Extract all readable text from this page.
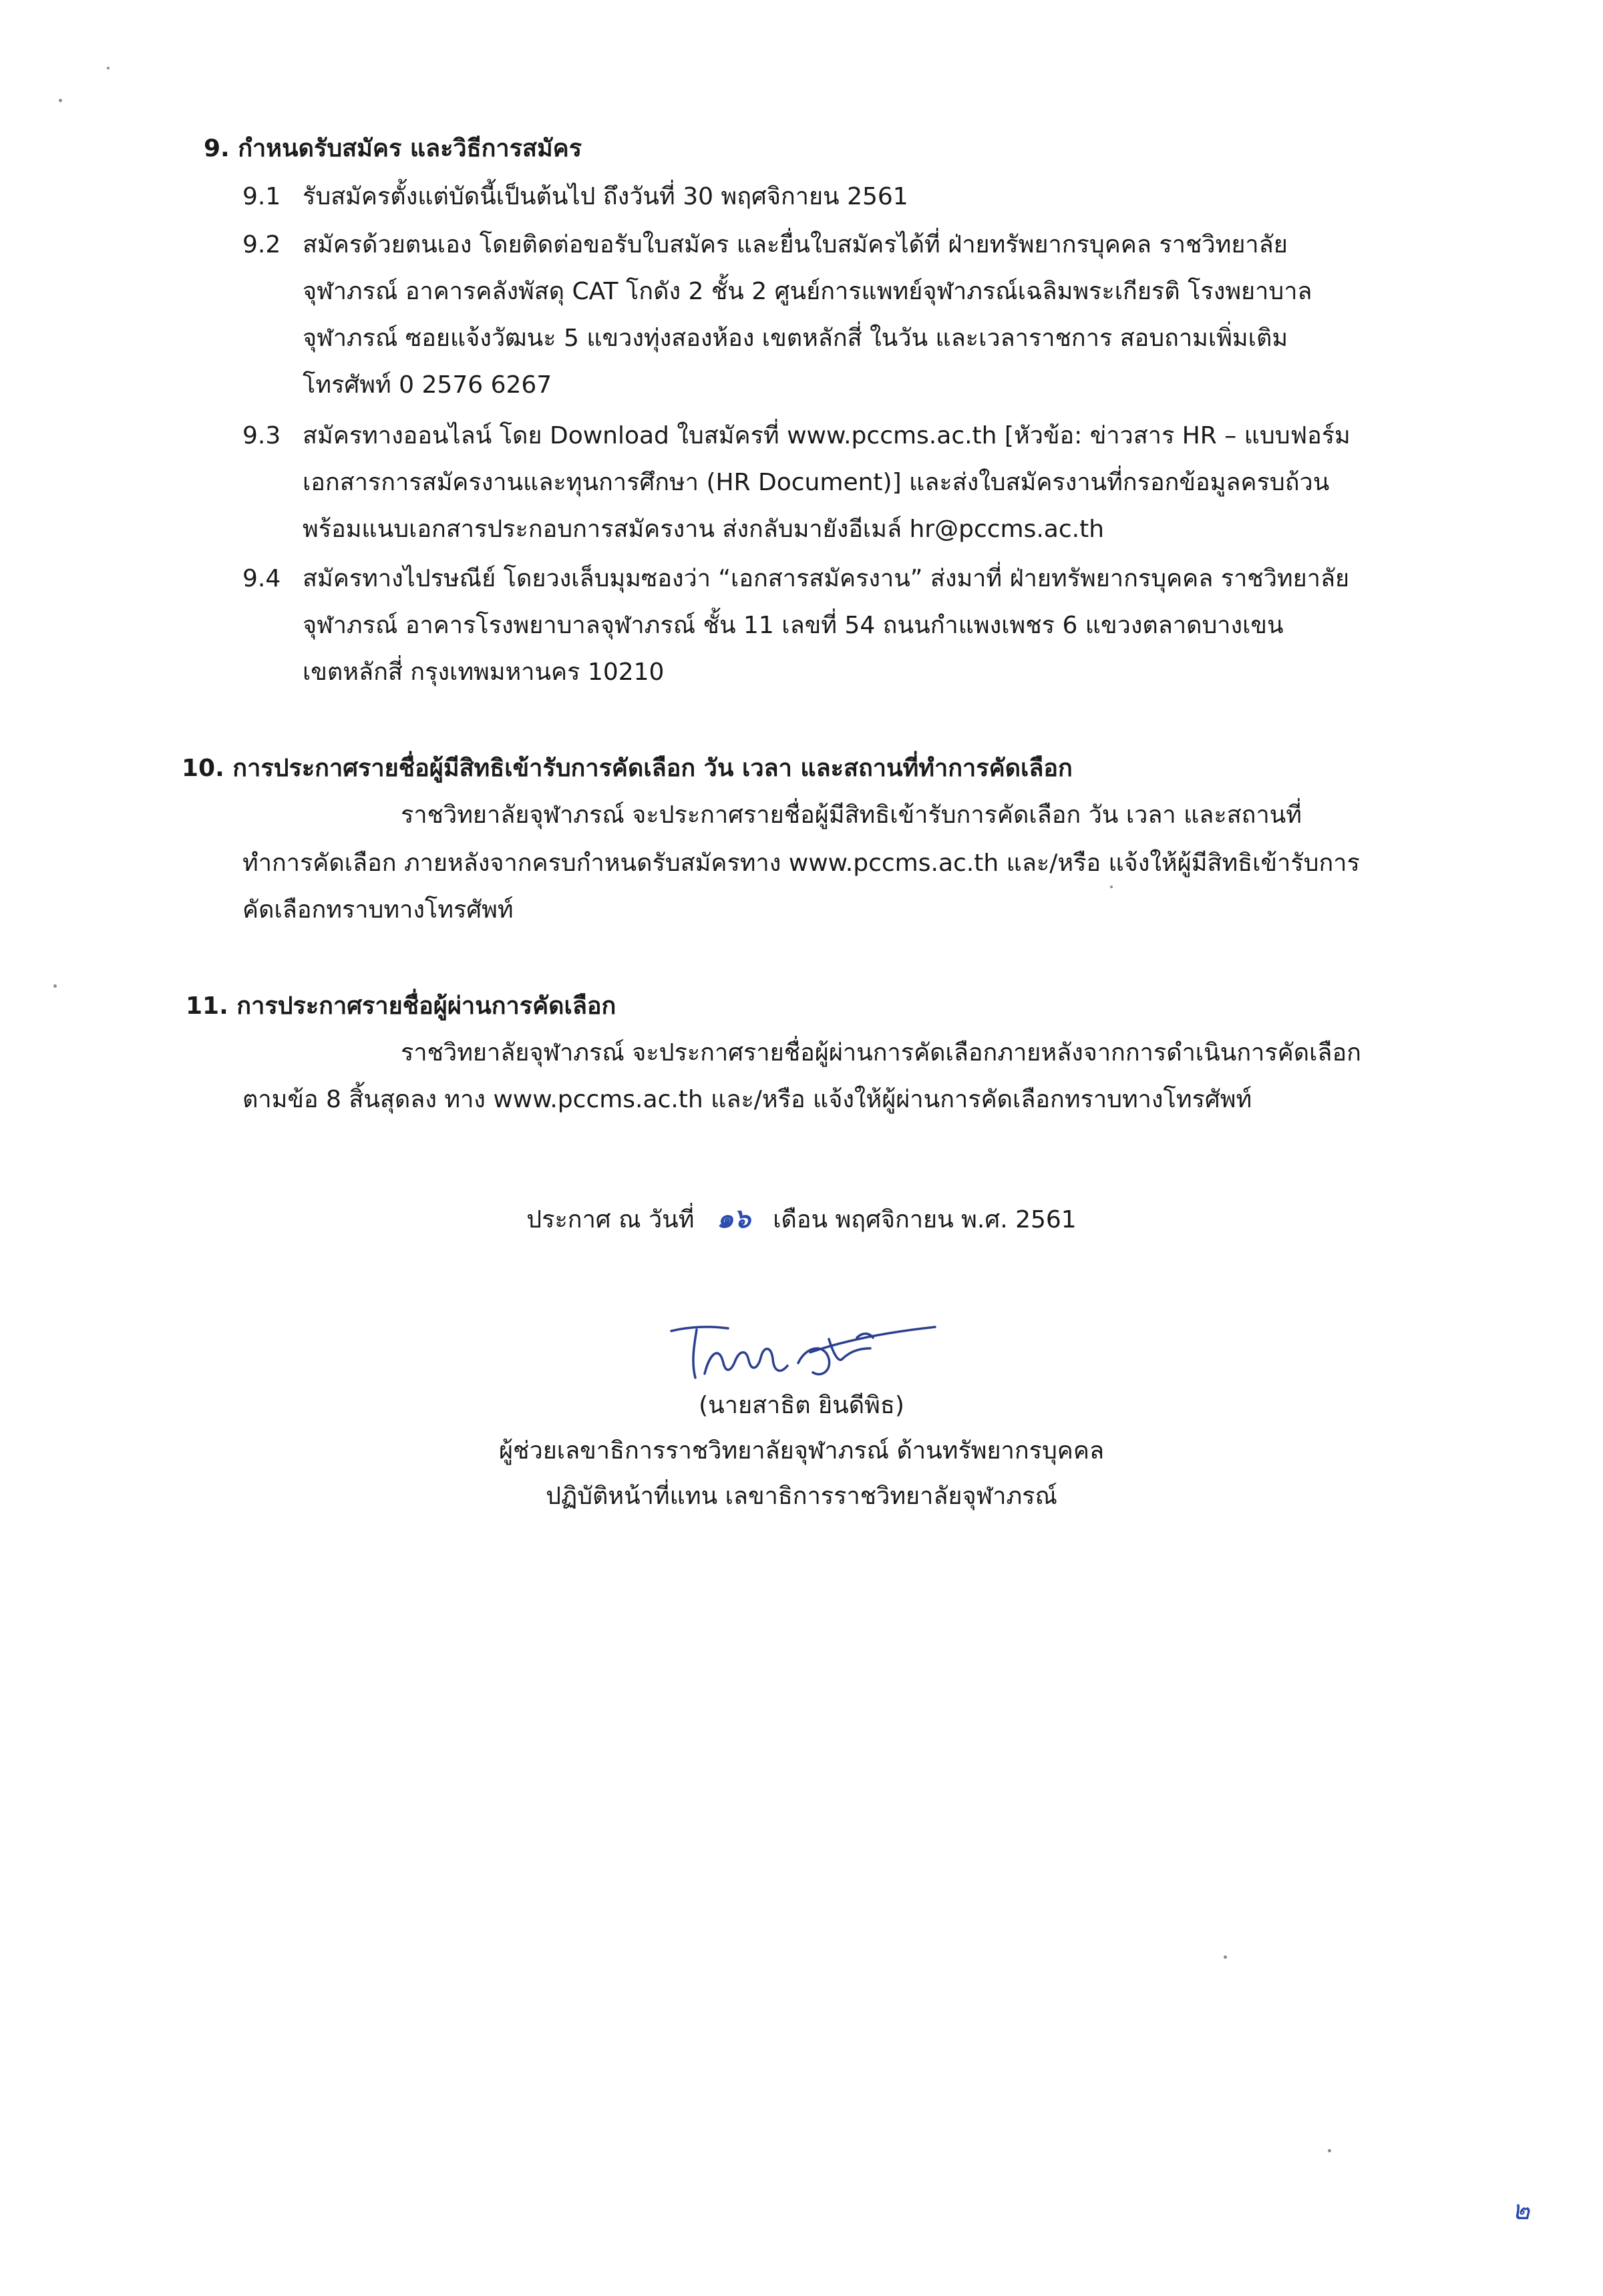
9. กำหนดรับสมัคร และวิธีการสมัคร
9.1 รับสมัครตั้งแต่บัดนี้เป็นต้นไป ถึงวันที่ 30 พฤศจิกายน 2561
9.2 สมัครด้วยตนเอง โดยติดต่อขอรับใบสมัคร และยื่นใบสมัครได้ที่ ฝ่ายทรัพยากรบุคคล ราชวิทยาลัย
จุฬาภรณ์ อาคารคลังพัสดุ CAT โกดัง 2 ชั้น 2 ศูนย์การแพทย์จุฬาภรณ์เฉลิมพระเกียรติ โรงพยาบาล
จุฬาภรณ์ ซอยแจ้งวัฒนะ 5 แขวงทุ่งสองห้อง เขตหลักสี่ ในวัน และเวลาราชการ สอบถามเพิ่มเติม
โทรศัพท์ 0 2576 6267
9.3 สมัครทางออนไลน์ โดย Download ใบสมัครที่ www.pccms.ac.th [หัวข้อ: ข่าวสาร HR – แบบฟอร์ม
เอกสารการสมัครงานและทุนการศึกษา (HR Document)] และส่งใบสมัครงานที่กรอกข้อมูลครบถ้วน
พร้อมแนบเอกสารประกอบการสมัครงาน ส่งกลับมายังอีเมล์ hr@pccms.ac.th
9.4 สมัครทางไปรษณีย์ โดยวงเล็บมุมซองว่า “เอกสารสมัครงาน” ส่งมาที่ ฝ่ายทรัพยากรบุคคล ราชวิทยาลัย
จุฬาภรณ์ อาคารโรงพยาบาลจุฬาภรณ์ ชั้น 11 เลขที่ 54 ถนนกำแพงเพชร 6 แขวงตลาดบางเขน
เขตหลักสี่ กรุงเทพมหานคร 10210
10. การประกาศรายชื่อผู้มีสิทธิเข้ารับการคัดเลือก วัน เวลา และสถานที่ทำการคัดเลือก
ราชวิทยาลัยจุฬาภรณ์ จะประกาศรายชื่อผู้มีสิทธิเข้ารับการคัดเลือก วัน เวลา และสถานที่
ทำการคัดเลือก ภายหลังจากครบกำหนดรับสมัครทาง www.pccms.ac.th และ/หรือ แจ้งให้ผู้มีสิทธิเข้ารับการ
คัดเลือกทราบทางโทรศัพท์
11. การประกาศรายชื่อผู้ผ่านการคัดเลือก
ราชวิทยาลัยจุฬาภรณ์ จะประกาศรายชื่อผู้ผ่านการคัดเลือกภายหลังจากการดำเนินการคัดเลือก
ตามข้อ 8 สิ้นสุดลง ทาง www.pccms.ac.th และ/หรือ แจ้งให้ผู้ผ่านการคัดเลือกทราบทางโทรศัพท์
ประกาศ ณ วันที่ ๑๖ เดือน พฤศจิกายน พ.ศ. 2561
(นายสาธิต ยินดีพิธ)
ผู้ช่วยเลขาธิการราชวิทยาลัยจุฬาภรณ์ ด้านทรัพยากรบุคคล
ปฏิบัติหน้าที่แทน เลขาธิการราชวิทยาลัยจุฬาภรณ์
๒
